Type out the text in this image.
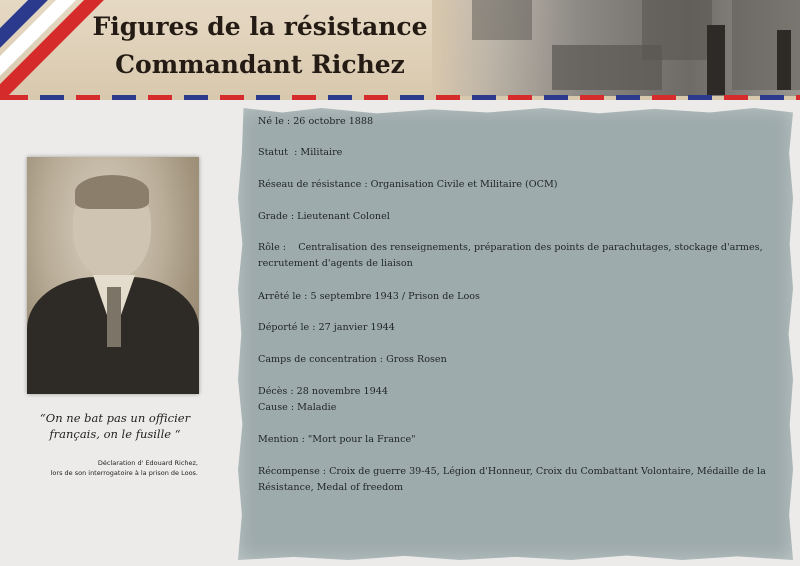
Figures de la résistance
Commandant Richez
“On ne bat pas un officier français, on le fusille “
Déclaration d' Edouard Richez,
lors de son interrogatoire à la prison de Loos.
Né le : 26 octobre 1888
Statut  : Militaire
Réseau de résistance : Organisation Civile et Militaire (OCM)
Grade : Lieutenant Colonel
Rôle :    Centralisation des renseignements, préparation des points de parachutages, stockage d'armes, recrutement d'agents de liaison
Arrêté le : 5 septembre 1943 / Prison de Loos
Déporté le : 27 janvier 1944
Camps de concentration : Gross Rosen
Décès : 28 novembre 1944
Cause : Maladie
Mention : "Mort pour la France"
Récompense : Croix de guerre 39-45, Légion d'Honneur, Croix du Combattant Volontaire, Médaille de la Résistance, Medal of freedom
